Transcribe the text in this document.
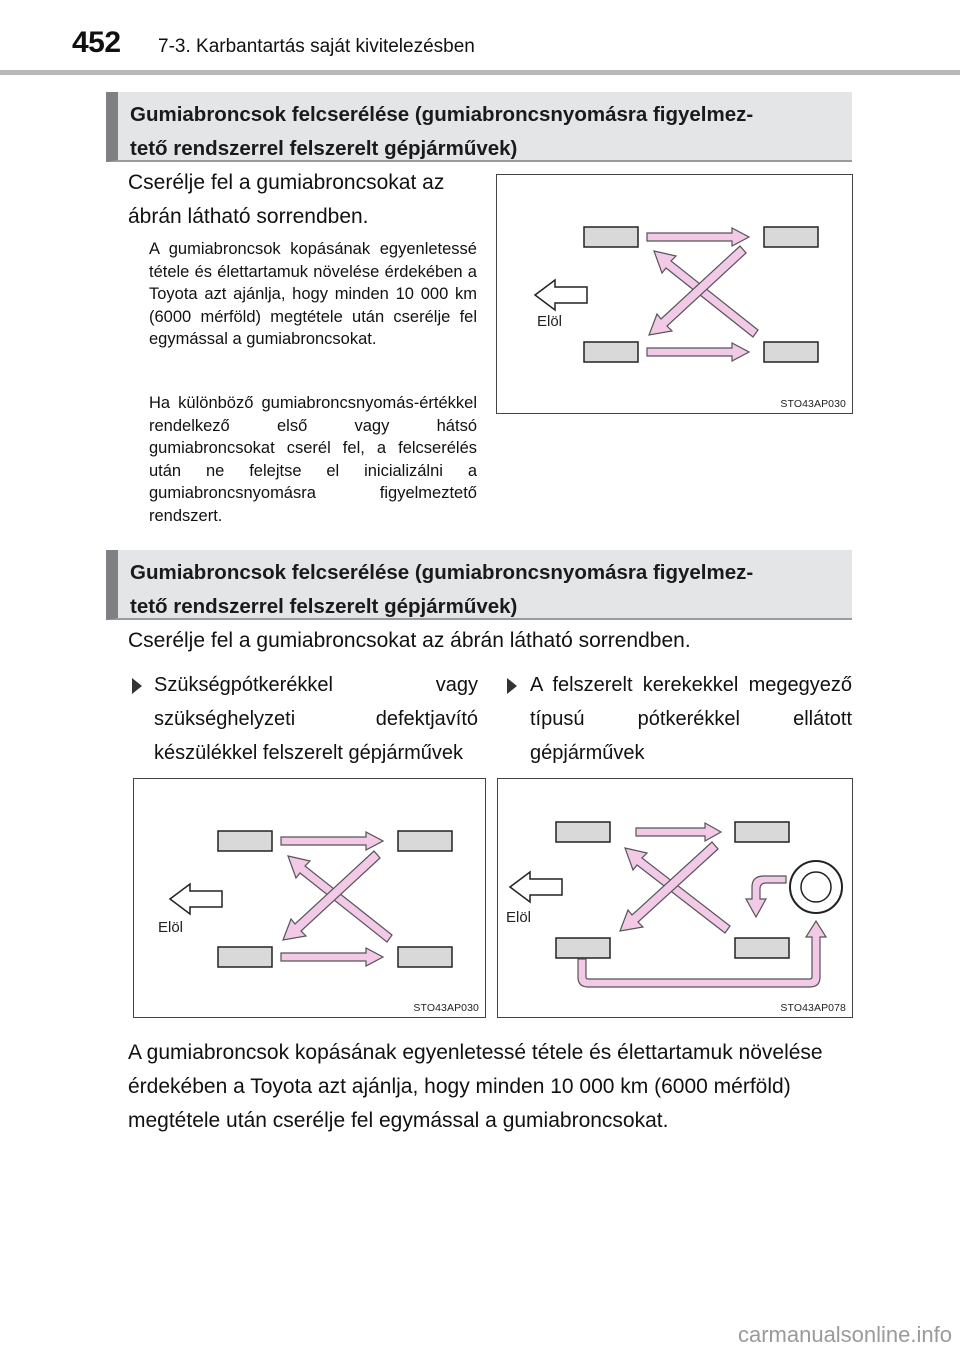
452 7-3. Karbantartás saját kivitelezésben
Gumiabroncsok felcserélése (gumiabroncsnyomásra figyelmez-
tető rendszerrel felszerelt gépjárművek)
Cserélje fel a gumiabroncsokat az
ábrán látható sorrendben.
A gumiabroncsok kopásának egyenletessé tétele és élettartamuk növelése érdekében a Toyota azt ajánlja, hogy minden 10 000 km (6000 mérföld) megtétele után cserélje fel egymással a gumiabroncsokat.
Ha különböző gumiabroncsnyomás-értékkel rendelkező első vagy hátsó gumiabroncsokat cserél fel, a felcserélés után ne felejtse el inicializálni a gumiabroncsnyomásra figyelmeztető rendszert.
Elöl
STO43AP030
Gumiabroncsok felcserélése (gumiabroncsnyomásra figyelmez-
tető rendszerrel felszerelt gépjárművek)
Cserélje fel a gumiabroncsokat az ábrán látható sorrendben.
Szükségpótkerékkel vagy szükséghelyzeti defektjavító készülékkel felszerelt gépjárművek
A felszerelt kerekekkel megegyező típusú pótkerékkel ellátott gépjárművek
Elöl
STO43AP030
Elöl
STO43AP078
A gumiabroncsok kopásának egyenletessé tétele és élettartamuk növelése érdekében a Toyota azt ajánlja, hogy minden 10 000 km (6000 mérföld) megtétele után cserélje fel egymással a gumiabroncsokat.
carmanualsonline.info
